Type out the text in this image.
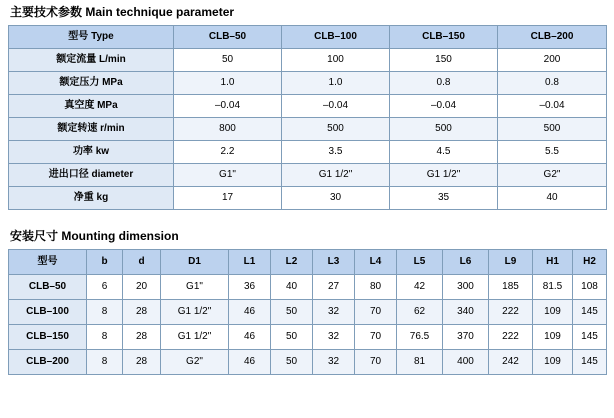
主要技术参数 Main technique parameter
型号 Type	CLB–50	CLB–100	CLB–150	CLB–200
额定流量 L/min	50	100	150	200
额定压力 MPa	1.0	1.0	0.8	0.8
真空度 MPa	–0.04	–0.04	–0.04	–0.04
额定转速 r/min	800	500	500	500
功率 kw	2.2	3.5	4.5	5.5
进出口径 diameter	G1"	G1 1/2"	G1 1/2"	G2"
净重 kg	17	30	35	40
安装尺寸 Mounting dimension
型号	b	d	D1	L1	L2	L3	L4	L5	L6	L9	H1	H2
CLB–50	6	20	G1"	36	40	27	80	42	300	185	81.5	108
CLB–100	8	28	G1 1/2"	46	50	32	70	62	340	222	109	145
CLB–150	8	28	G1 1/2"	46	50	32	70	76.5	370	222	109	145
CLB–200	8	28	G2"	46	50	32	70	81	400	242	109	145
